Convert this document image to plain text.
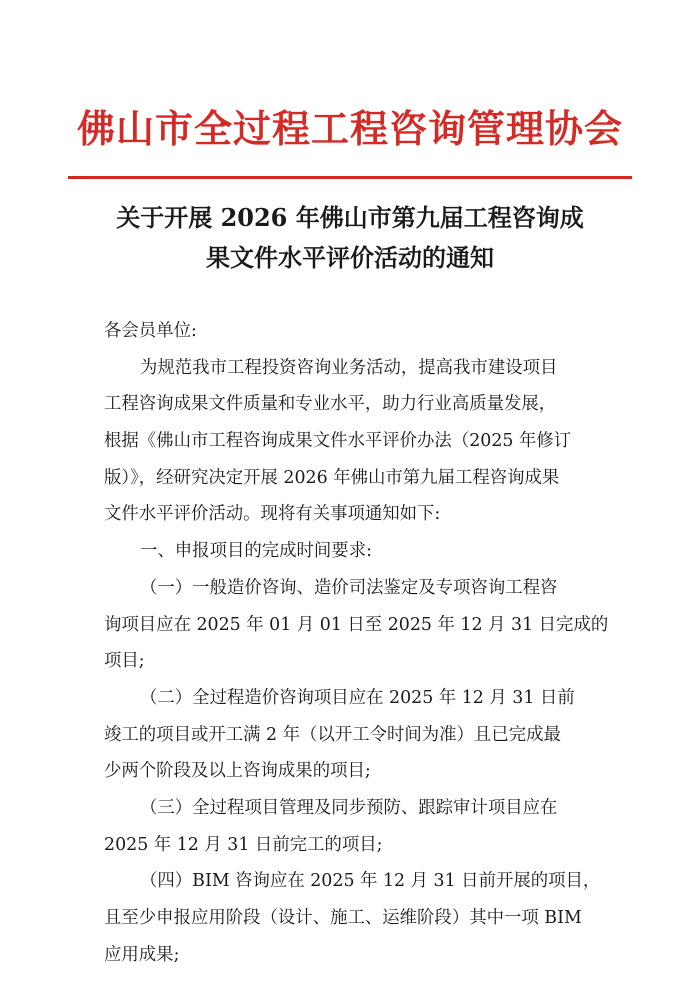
佛山市全过程工程咨询管理协会
关于开展 2026 年佛山市第九届工程咨询成
果文件水平评价活动的通知
各会员单位:
为规范我市工程投资咨询业务活动，提高我市建设项目
工程咨询成果文件质量和专业水平，助力行业高质量发展，
根据《佛山市工程咨询成果文件水平评价办法（2025 年修订
版）》，经研究决定开展 2026 年佛山市第九届工程咨询成果
文件水平评价活动。现将有关事项通知如下:
一、申报项目的完成时间要求:
（一）一般造价咨询、造价司法鉴定及专项咨询工程咨
询项目应在 2025 年 01 月 01 日至 2025 年 12 月 31 日完成的
项目;
（二）全过程造价咨询项目应在 2025 年 12 月 31 日前
竣工的项目或开工满 2 年（以开工令时间为准）且已完成最
少两个阶段及以上咨询成果的项目;
（三）全过程项目管理及同步预防、跟踪审计项目应在
2025 年 12 月 31 日前完工的项目;
（四）BIM 咨询应在 2025 年 12 月 31 日前开展的项目，
且至少申报应用阶段（设计、施工、运维阶段）其中一项 BIM
应用成果;
